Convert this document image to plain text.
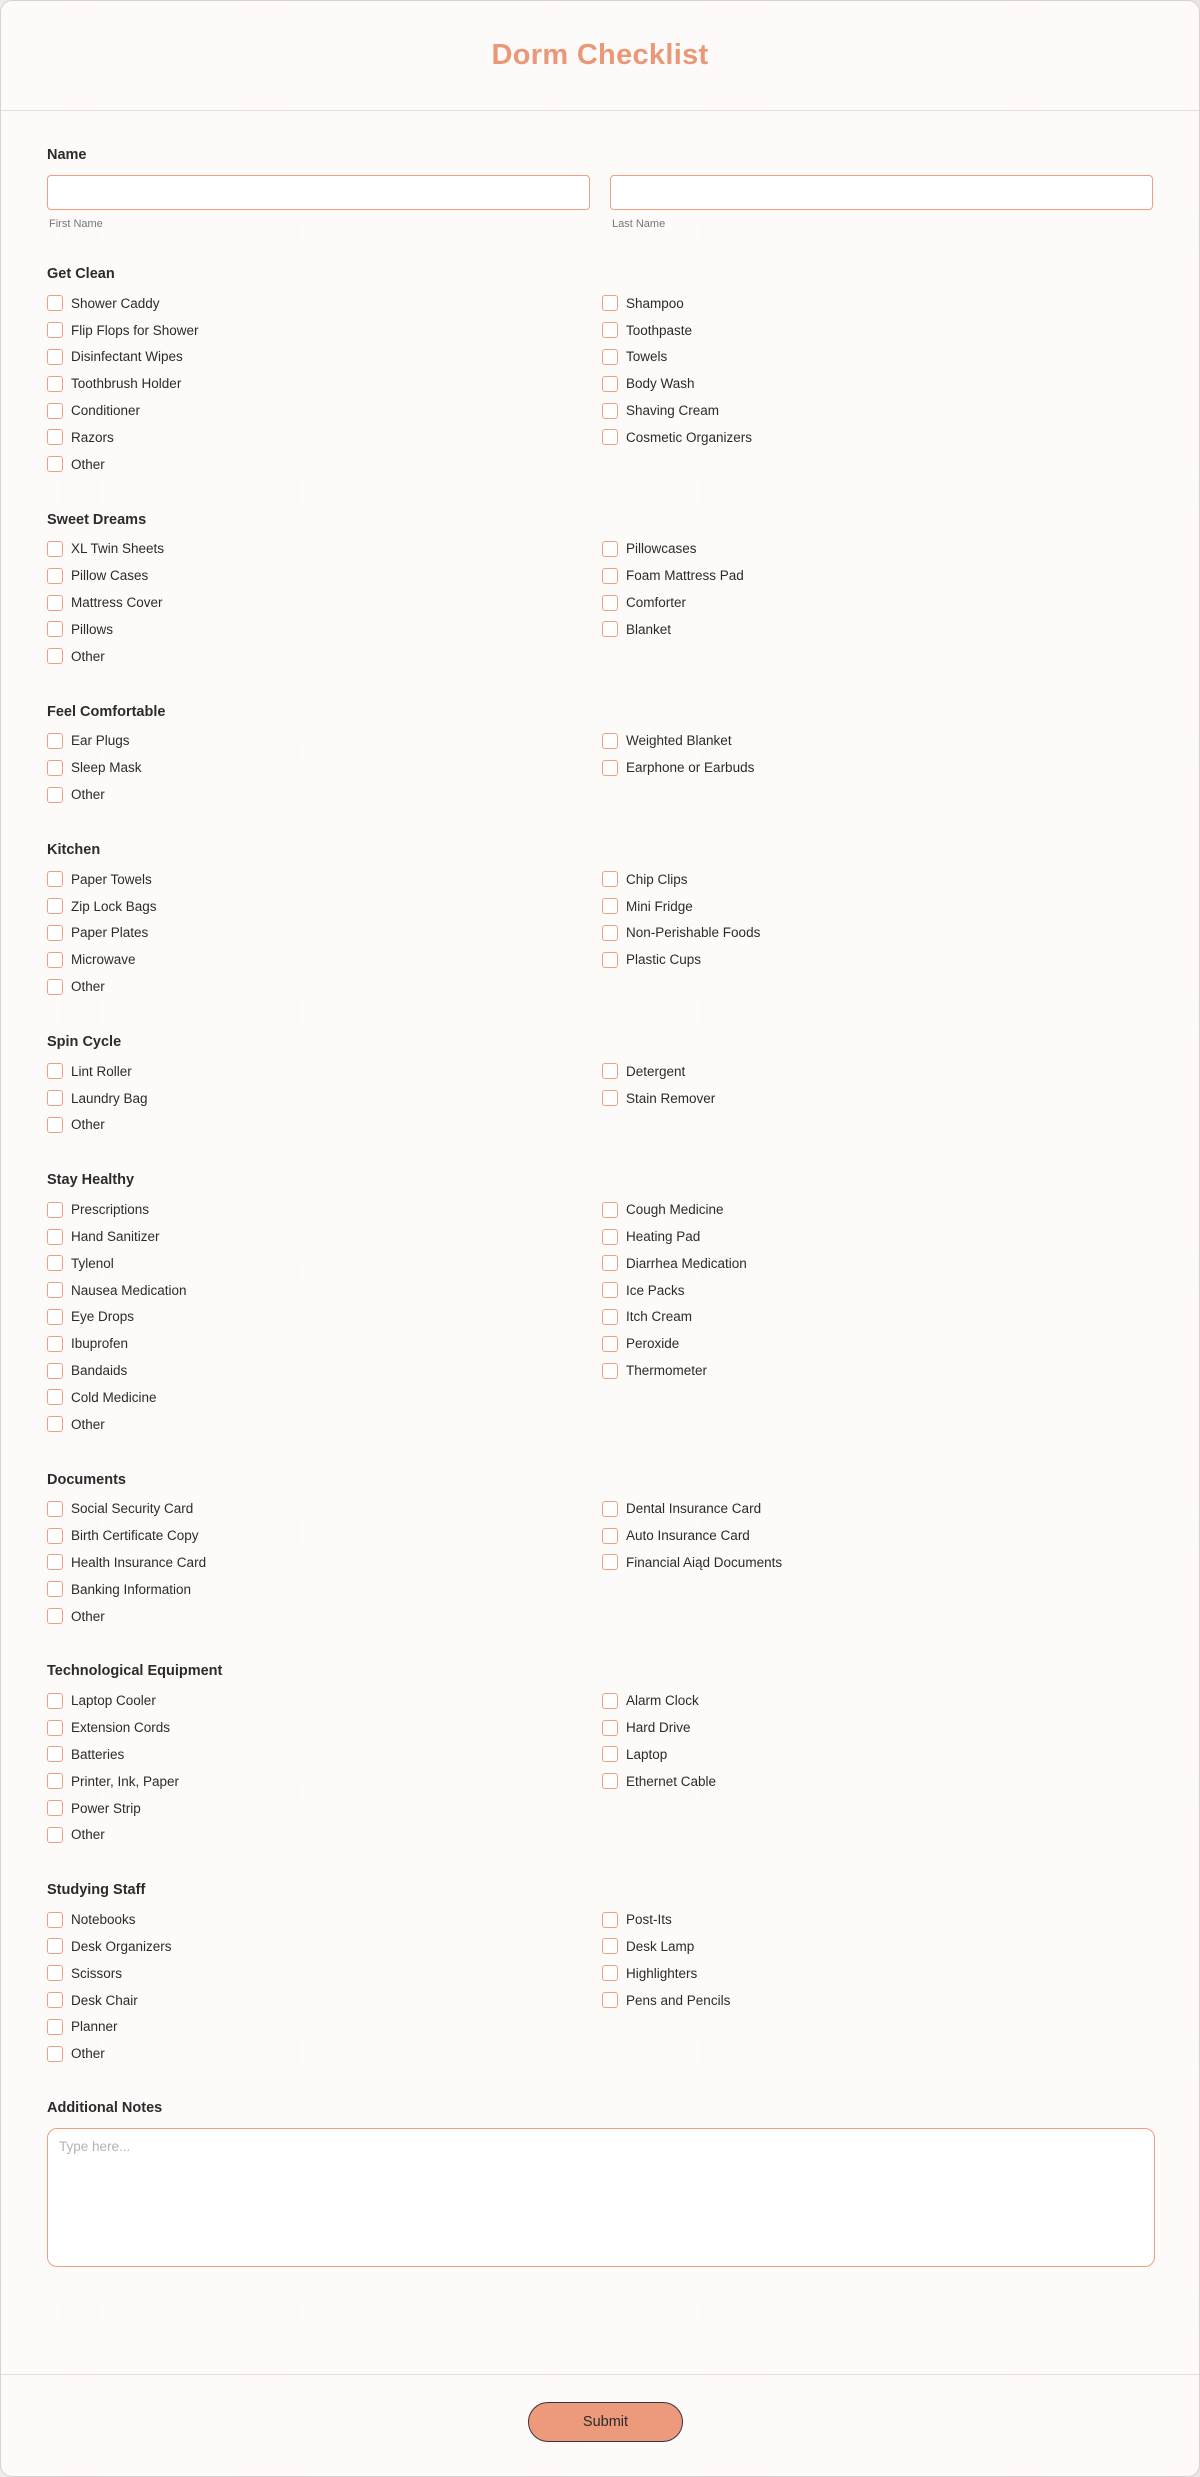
Dorm Checklist
Name
First Name	Last Name
Get Clean
Shower Caddy
Flip Flops for Shower
Disinfectant Wipes
Toothbrush Holder
Conditioner
Razors
Other
Shampoo
Toothpaste
Towels
Body Wash
Shaving Cream
Cosmetic Organizers
Sweet Dreams
XL Twin Sheets
Pillow Cases
Mattress Cover
Pillows
Other
Pillowcases
Foam Mattress Pad
Comforter
Blanket
Feel Comfortable
Ear Plugs
Sleep Mask
Other
Weighted Blanket
Earphone or Earbuds
Kitchen
Paper Towels
Zip Lock Bags
Paper Plates
Microwave
Other
Chip Clips
Mini Fridge
Non-Perishable Foods
Plastic Cups
Spin Cycle
Lint Roller
Laundry Bag
Other
Detergent
Stain Remover
Stay Healthy
Prescriptions
Hand Sanitizer
Tylenol
Nausea Medication
Eye Drops
Ibuprofen
Bandaids
Cold Medicine
Other
Cough Medicine
Heating Pad
Diarrhea Medication
Ice Packs
Itch Cream
Peroxide
Thermometer
Documents
Social Security Card
Birth Certificate Copy
Health Insurance Card
Banking Information
Other
Dental Insurance Card
Auto Insurance Card
Financial Aiąd Documents
Technological Equipment
Laptop Cooler
Extension Cords
Batteries
Printer, Ink, Paper
Power Strip
Other
Alarm Clock
Hard Drive
Laptop
Ethernet Cable
Studying Staff
Notebooks
Desk Organizers
Scissors
Desk Chair
Planner
Other
Post-Its
Desk Lamp
Highlighters
Pens and Pencils
Additional Notes
Type here...
Submit
